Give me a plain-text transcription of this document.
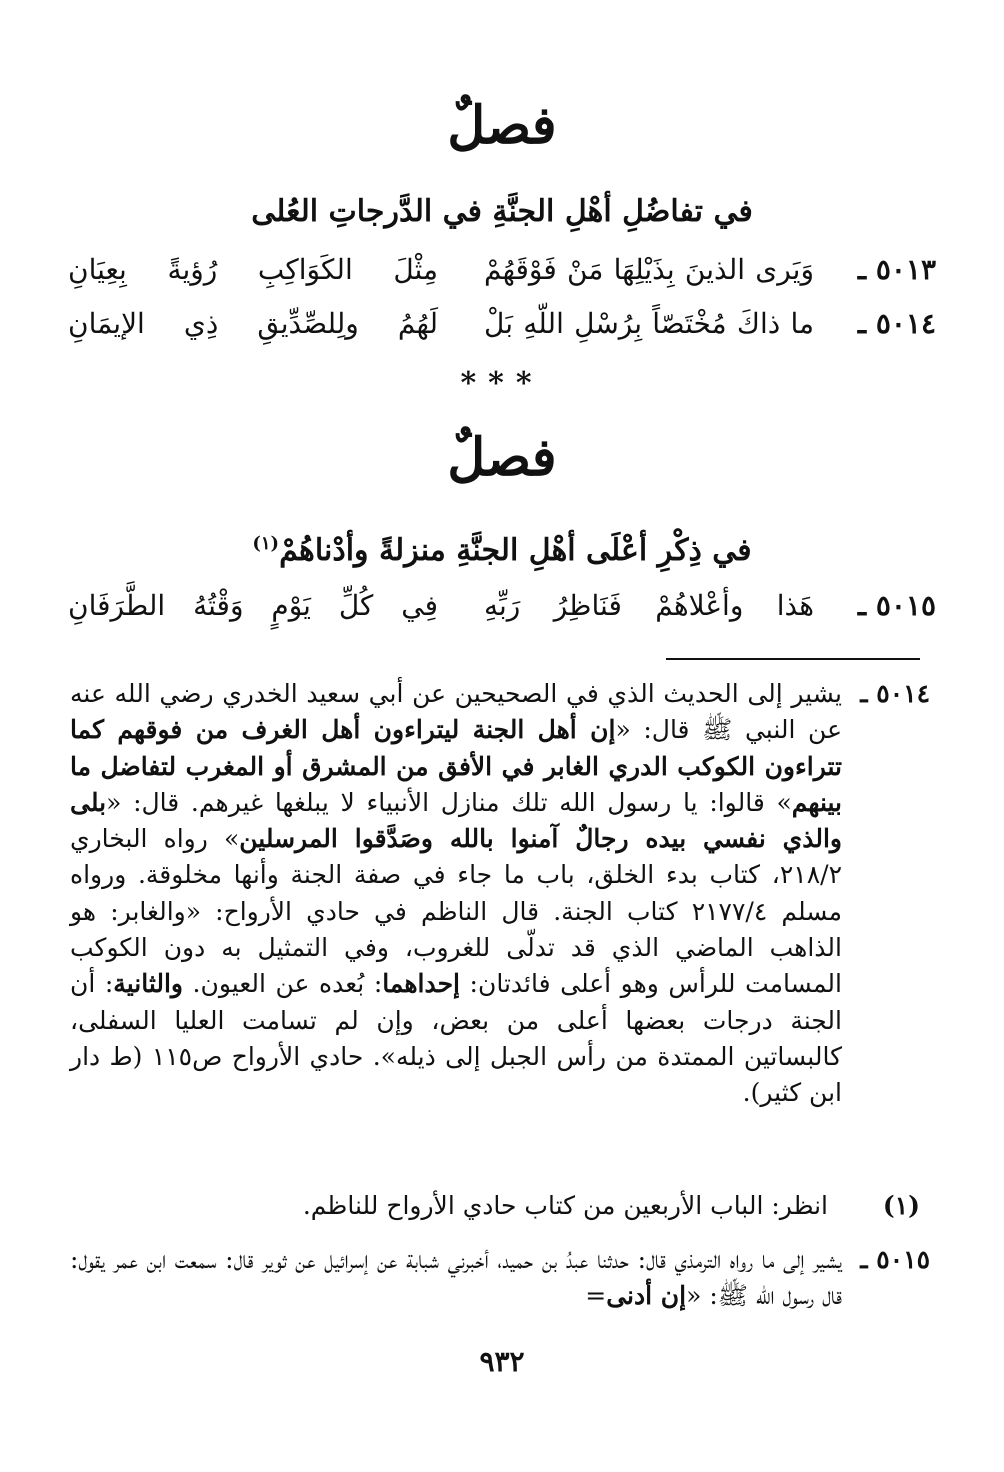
فصلٌ
في تفاضُلِ أهْلِ الجنَّةِ في الدَّرجاتِ العُلى
٥٠١٣ ـ
وَيَرى الذينَ بِذَيْلِهَا مَنْ فَوْقَهُمْ
مِثْلَ الكَوَاكِبِ رُؤيةً بِعِيَانِ
٥٠١٤ ـ
ما ذاكَ مُخْتَصّاً بِرُسْلِ اللّهِ بَلْ
لَهُمُ ولِلصِّدِّيقِ ذِي الإيمَانِ
***
فصلٌ
في ذِكْرِ أعْلَى أهْلِ الجنَّةِ منزلةً وأدْناهُمْ$^{(١)}$
٥٠١٥ ـ
هَذا وأعْلاهُمْ فَنَاظِرُ رَبِّهِ
فِي كُلِّ يَوْمٍ وَقْتُهُ الطَّرَفَانِ
٥٠١٤ ـ
يشير إلى الحديث الذي في الصحيحين عن أبي سعيد الخدري رضي الله عنه عن النبي ﷺ قال: «إن أهل الجنة ليتراءون أهل الغرف من فوقهم كما تتراءون الكوكب الدري الغابر في الأفق من المشرق أو المغرب لتفاضل ما بينهم» قالوا: يا رسول الله تلك منازل الأنبياء لا يبلغها غيرهم. قال: «بلى والذي نفسي بيده رجالٌ آمنوا بالله وصَدَّقوا المرسلين» رواه البخاري ٢١٨/٢، كتاب بدء الخلق، باب ما جاء في صفة الجنة وأنها مخلوقة. ورواه مسلم ٢١٧٧/٤ كتاب الجنة. قال الناظم في حادي الأرواح: «والغابر: هو الذاهب الماضي الذي قد تدلّى للغروب، وفي التمثيل به دون الكوكب المسامت للرأس وهو أعلى فائدتان: إحداهما: بُعده عن العيون. والثانية: أن الجنة درجات بعضها أعلى من بعض، وإن لم تسامت العليا السفلى، كالبساتين الممتدة من رأس الجبل إلى ذيله». حادي الأرواح ص١١٥ (ط دار ابن كثير).
(١)
انظر: الباب الأربعين من كتاب حادي الأرواح للناظم.
٥٠١٥ ـ
يشير إلى ما رواه الترمذي قال: حدثنا عبدُ بن حميد، أخبرني شبابة عن إسرائيل عن ثوير قال: سمعت ابن عمر يقول: قال رسول الله ﷺ: «إن أدنى=
٩٣٢
